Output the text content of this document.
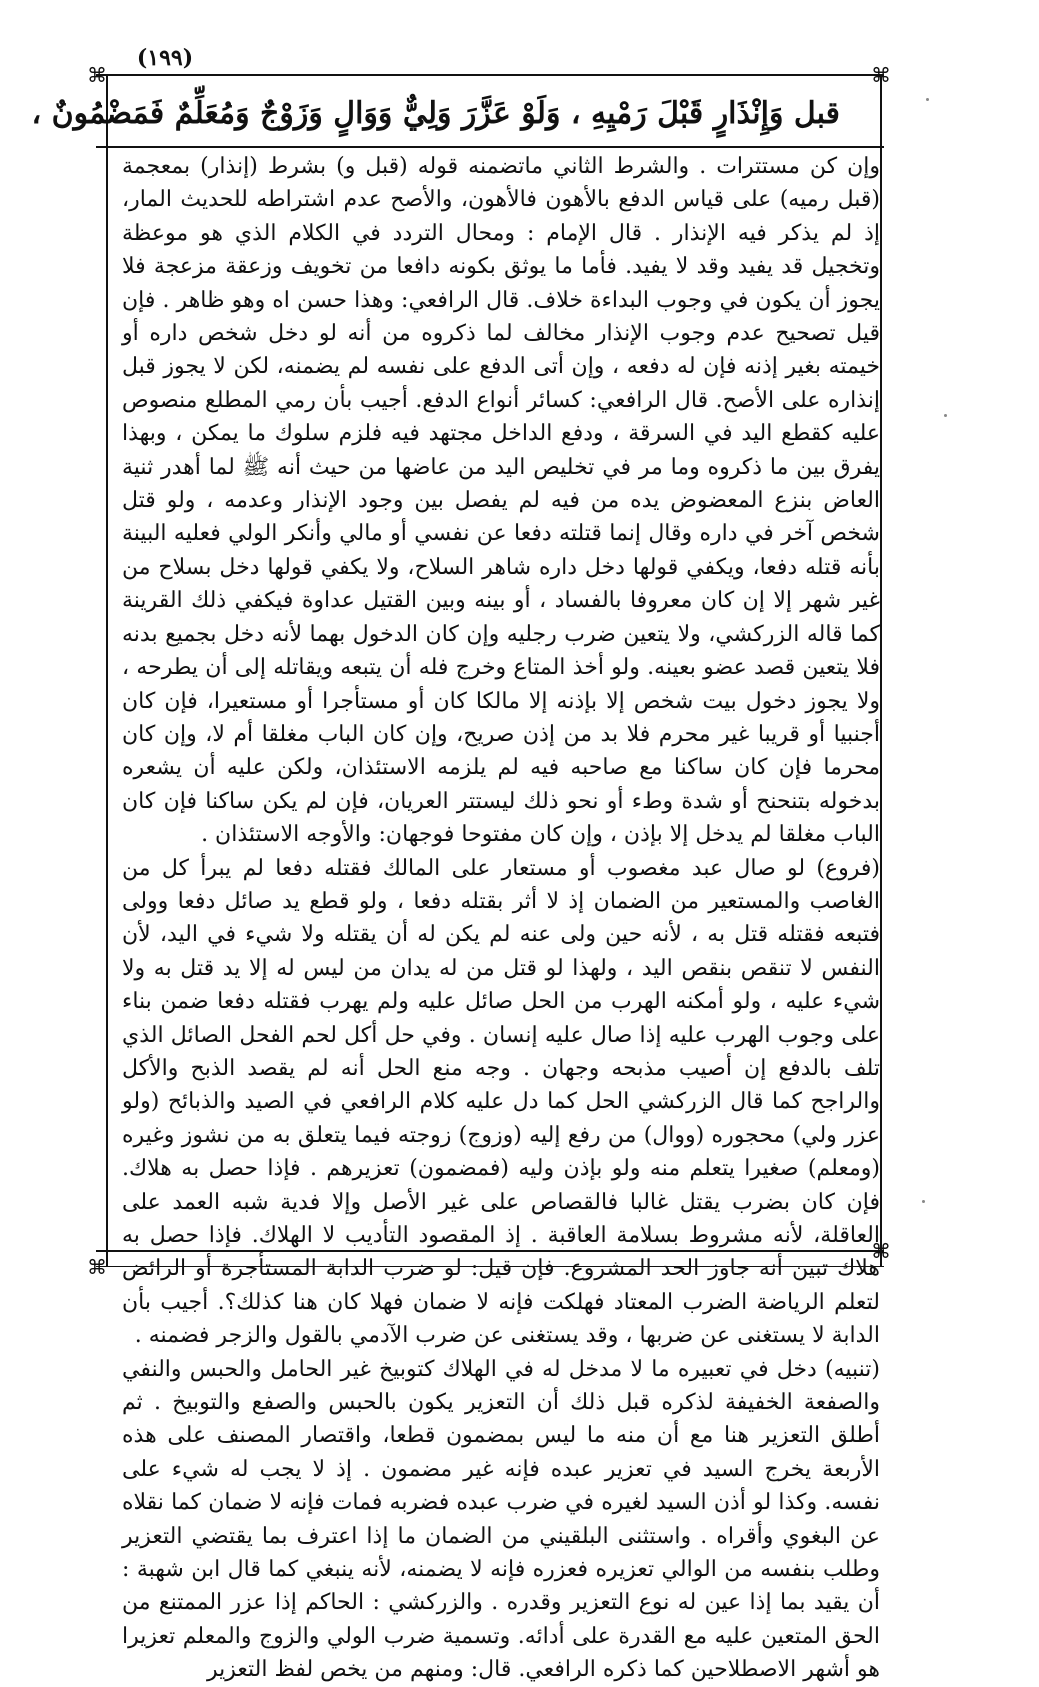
(١٩٩)
⌘	⌘
⌘
⌘
قبل وَإِنْذَارٍ قَبْلَ رَمْيِهِ ، وَلَوْ عَزَّرَ وَلِيٌّ وَوَالٍ وَزَوْجٌ وَمُعَلِّمٌ فَمَضْمُونٌ ،

وإن كن مستترات . والشرط الثاني ماتضمنه قوله (قبل و) بشرط (إنذار) بمعجمة (قبل رميه) على قياس الدفع بالأهون فالأهون، والأصح عدم اشتراطه للحديث المار، إذ لم يذكر فيه الإنذار . قال الإمام : ومحال التردد في الكلام الذي هو موعظة وتخجيل قد يفيد وقد لا يفيد. فأما ما يوثق بكونه دافعا من تخويف وزعقة مزعجة فلا يجوز أن يكون في وجوب البداءة خلاف. قال الرافعي: وهذا حسن اه وهو ظاهر . فإن قيل تصحيح عدم وجوب الإنذار مخالف لما ذكروه من أنه لو دخل شخص داره أو خيمته بغير إذنه فإن له دفعه ، وإن أتى الدفع على نفسه لم يضمنه، لكن لا يجوز قبل إنذاره على الأصح. قال الرافعي: كسائر أنواع الدفع. أجيب بأن رمي المطلع منصوص عليه كقطع اليد في السرقة ، ودفع الداخل مجتهد فيه فلزم سلوك ما يمكن ، وبهذا يفرق بين ما ذكروه وما مر في تخليص اليد من عاضها من حيث أنه ﷺ لما أهدر ثنية العاض بنزع المعضوض يده من فيه لم يفصل بين وجود الإنذار وعدمه ، ولو قتل شخص آخر في داره وقال إنما قتلته دفعا عن نفسي أو مالي وأنكر الولي فعليه البينة بأنه قتله دفعا، ويكفي قولها دخل داره شاهر السلاح، ولا يكفي قولها دخل بسلاح من غير شهر إلا إن كان معروفا بالفساد ، أو بينه وبين القتيل عداوة فيكفي ذلك القرينة كما قاله الزركشي، ولا يتعين ضرب رجليه وإن كان الدخول بهما لأنه دخل بجميع بدنه فلا يتعين قصد عضو بعينه. ولو أخذ المتاع وخرج فله أن يتبعه ويقاتله إلى أن يطرحه ، ولا يجوز دخول بيت شخص إلا بإذنه إلا مالكا كان أو مستأجرا أو مستعيرا، فإن كان أجنبيا أو قريبا غير محرم فلا بد من إذن صريح، وإن كان الباب مغلقا أم لا، وإن كان محرما فإن كان ساكنا مع صاحبه فيه لم يلزمه الاستئذان، ولكن عليه أن يشعره بدخوله بتنحنح أو شدة وطء أو نحو ذلك ليستتر العريان، فإن لم يكن ساكنا فإن كان الباب مغلقا لم يدخل إلا بإذن ، وإن كان مفتوحا فوجهان: والأوجه الاستئذان .

(فروع) لو صال عبد مغصوب أو مستعار على المالك فقتله دفعا لم يبرأ كل من الغاصب والمستعير من الضمان إذ لا أثر بقتله دفعا ، ولو قطع يد صائل دفعا وولى فتبعه فقتله قتل به ، لأنه حين ولى عنه لم يكن له أن يقتله ولا شيء في اليد، لأن النفس لا تنقص بنقص اليد ، ولهذا لو قتل من له يدان من ليس له إلا يد قتل به ولا شيء عليه ، ولو أمكنه الهرب من الحل صائل عليه ولم يهرب فقتله دفعا ضمن بناء على وجوب الهرب عليه إذا صال عليه إنسان . وفي حل أكل لحم الفحل الصائل الذي تلف بالدفع إن أصيب مذبحه وجهان . وجه منع الحل أنه لم يقصد الذبح والأكل والراجح كما قال الزركشي الحل كما دل عليه كلام الرافعي في الصيد والذبائح (ولو عزر ولي) محجوره (ووال) من رفع إليه (وزوج) زوجته فيما يتعلق به من نشوز وغيره (ومعلم) صغيرا يتعلم منه ولو بإذن وليه (فمضمون) تعزيرهم . فإذا حصل به هلاك. فإن كان بضرب يقتل غالبا فالقصاص على غير الأصل وإلا فدية شبه العمد على العاقلة، لأنه مشروط بسلامة العاقبة . إذ المقصود التأديب لا الهلاك. فإذا حصل به هلاك تبين أنه جاوز الحد المشروع. فإن قيل: لو ضرب الدابة المستأجرة أو الرائض لتعلم الرياضة الضرب المعتاد فهلكت فإنه لا ضمان فهلا كان هنا كذلك؟. أجيب بأن الدابة لا يستغنى عن ضربها ، وقد يستغنى عن ضرب الآدمي بالقول والزجر فضمنه .

(تنبيه) دخل في تعبيره ما لا مدخل له في الهلاك كتوبيخ غير الحامل والحبس والنفي والصفعة الخفيفة لذكره قبل ذلك أن التعزير يكون بالحبس والصفع والتوبيخ . ثم أطلق التعزير هنا مع أن منه ما ليس بمضمون قطعا، واقتصار المصنف على هذه الأربعة يخرج السيد في تعزير عبده فإنه غير مضمون . إذ لا يجب له شيء على نفسه. وكذا لو أذن السيد لغيره في ضرب عبده فضربه فمات فإنه لا ضمان كما نقلاه عن البغوي وأقراه . واستثنى البلقيني من الضمان ما إذا اعترف بما يقتضي التعزير وطلب بنفسه من الوالي تعزيره فعزره فإنه لا يضمنه، لأنه ينبغي كما قال ابن شهبة : أن يقيد بما إذا عين له نوع التعزير وقدره . والزركشي : الحاكم إذا عزر الممتنع من الحق المتعين عليه مع القدرة على أدائه. وتسمية ضرب الولي والزوج والمعلم تعزيرا هو أشهر الاصطلاحين كما ذكره الرافعي. قال: ومنهم من يخص لفظ التعزير
